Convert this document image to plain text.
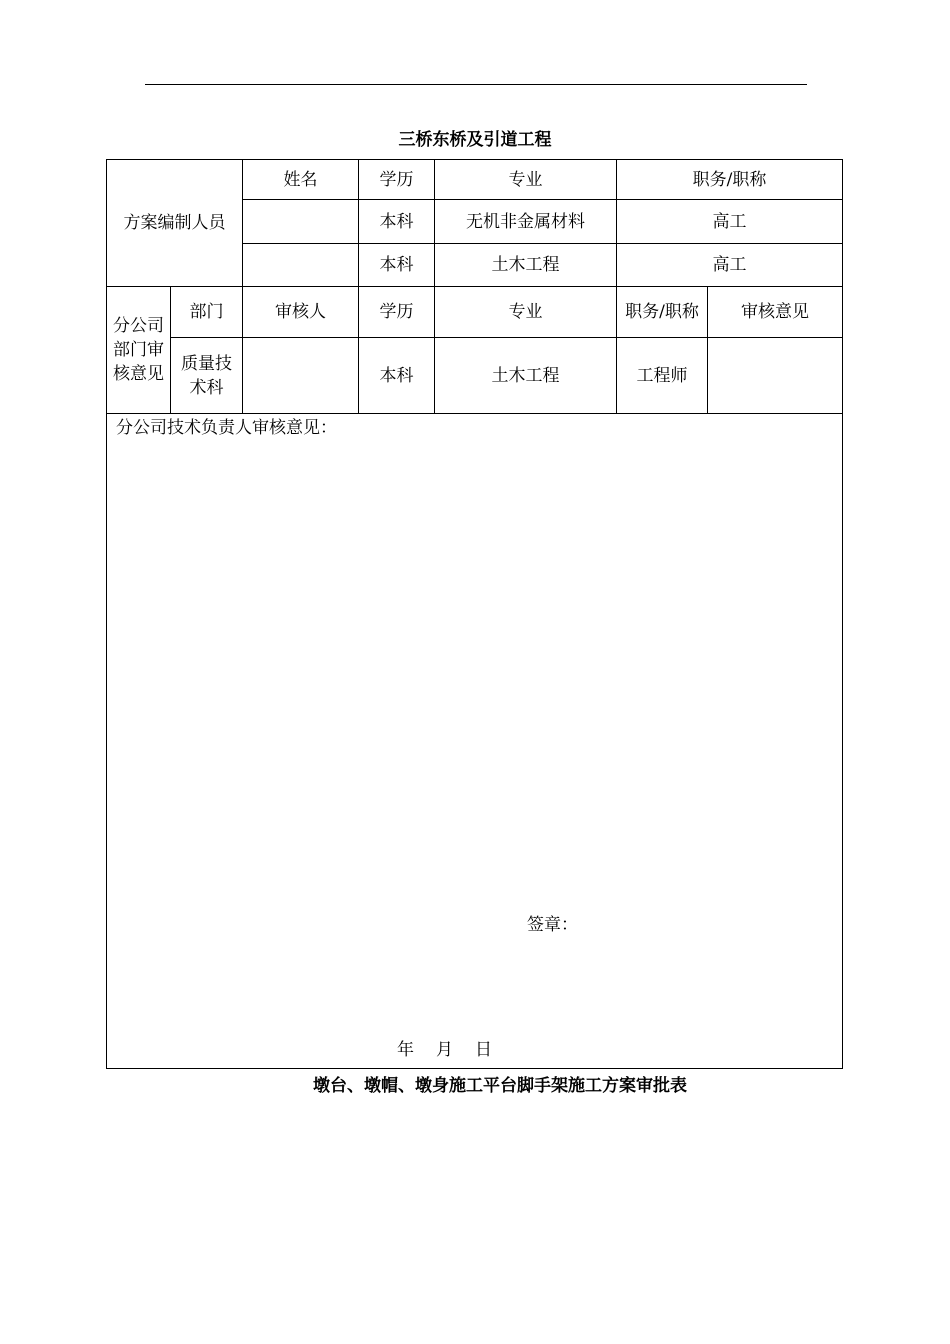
三桥东桥及引道工程
方案编制人员		姓名	学历	专业	职务/职称	
			本科	无机非金属材料	高工	
			本科	土木工程	高工	
分公司部门审核意见	部门	审核人	学历	专业	职务/职称	审核意见
	质量技术科		本科	土木工程	工程师	

分公司技术负责人审核意见：
签章：
年 月 日						
墩台、墩帽、墩身施工平台脚手架施工方案审批表
